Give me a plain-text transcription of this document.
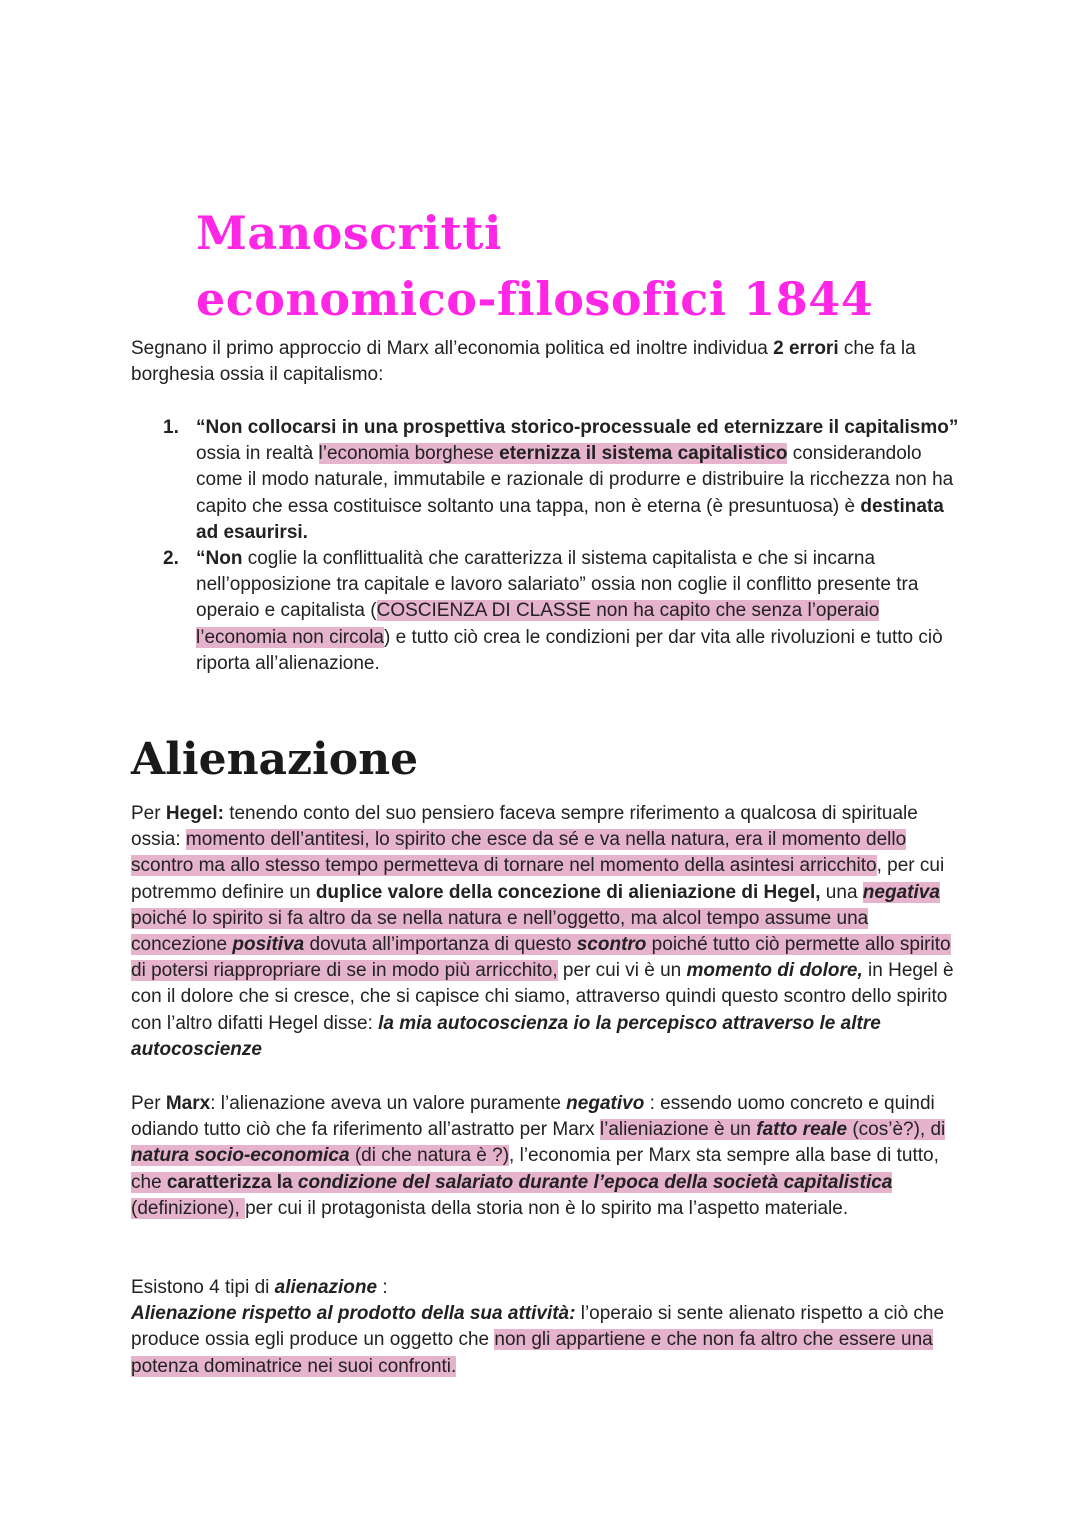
Manoscritti
economico-filosofici 1844

Segnano il primo approccio di Marx all’economia politica ed inoltre individua 2 errori che fa la borghesia ossia il capitalismo:

1. “Non collocarsi in una prospettiva storico-processuale ed eternizzare il capitalismo” ossia in realtà l’economia borghese eternizza il sistema capitalistico considerandolo come il modo naturale, immutabile e razionale di produrre e distribuire la ricchezza non ha capito che essa costituisce soltanto una tappa, non è eterna (è presuntuosa) è destinata ad esaurirsi.
2. “Non coglie la conflittualità che caratterizza il sistema capitalista e che si incarna nell’opposizione tra capitale e lavoro salariato” ossia non coglie il conflitto presente tra operaio e capitalista (COSCIENZA DI CLASSE non ha capito che senza l’operaio l’economia non circola) e tutto ciò crea le condizioni per dar vita alle rivoluzioni e tutto ciò riporta all’alienazione.
Alienazione

Per Hegel: tenendo conto del suo pensiero faceva sempre riferimento a qualcosa di spirituale ossia: momento dell’antitesi, lo spirito che esce da sé e va nella natura, era il momento dello scontro ma allo stesso tempo permetteva di tornare nel momento della asintesi arricchito, per cui potremmo definire un duplice valore della concezione di alieniazione di Hegel, una negativa poiché lo spirito si fa altro da se nella natura e nell’oggetto, ma alcol tempo assume una concezione positiva dovuta all’importanza di questo scontro poiché tutto ciò permette allo spirito di potersi riappropriare di se in modo più arricchito, per cui vi è un momento di dolore, in Hegel è con il dolore che si cresce, che si capisce chi siamo, attraverso quindi questo scontro dello spirito con l’altro difatti Hegel disse: la mia autocoscienza io la percepisco attraverso le altre autocoscienze

Per Marx: l’alienazione aveva un valore puramente negativo : essendo uomo concreto e quindi odiando tutto ciò che fa riferimento all’astratto per Marx l’alieniazione è un fatto reale (cos’è?), di natura socio-economica (di che natura è ?), l’economia per Marx sta sempre alla base di tutto, che caratterizza la condizione del salariato durante l’epoca della società capitalistica (definizione), per cui il protagonista della storia non è lo spirito ma l’aspetto materiale.

Esistono 4 tipi di alienazione :
Alienazione rispetto al prodotto della sua attività: l’operaio si sente alienato rispetto a ciò che produce ossia egli produce un oggetto che non gli appartiene e che non fa altro che essere una potenza dominatrice nei suoi confronti.
